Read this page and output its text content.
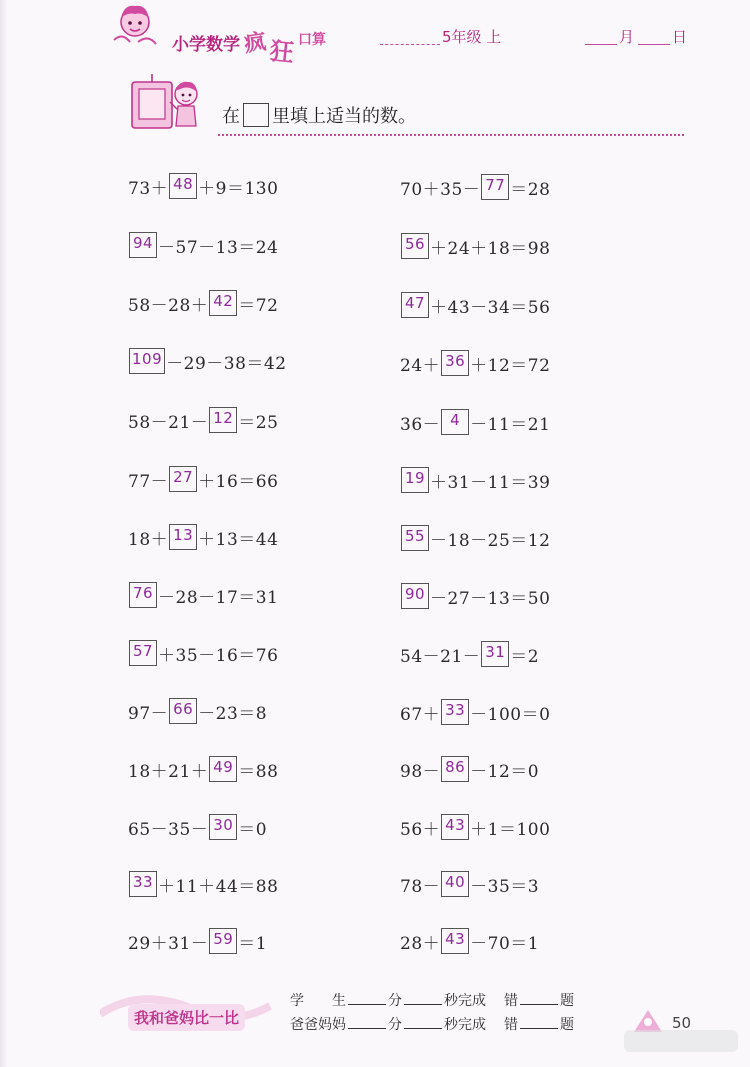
小学数学 疯 狂 口算	5年级 上	月	日
在 里填上适当的数。
73＋ 48 ＋9＝130
94 －57－13＝24
58－28＋ 42 ＝72
109 －29－38＝42
58－21－ 12 ＝25
77－ 27 ＋16＝66
18＋ 13 ＋13＝44
76 －28－17＝31
57 ＋35－16＝76
97－ 66 －23＝8
18＋21＋ 49 ＝88
65－35－ 30 ＝0
33 ＋11＋44＝88
29＋31－ 59 ＝1
70＋35－ 77 ＝28
56 ＋24＋18＝98
47 ＋43－34＝56
24＋ 36 ＋12＝72
36－ 4 －11＝21
19 ＋31－11＝39
55 －18－25＝12
90 －27－13＝50
54－21－ 31 ＝2
67＋ 33 －100＝0
98－ 86 －12＝0
56＋ 43 ＋1＝100
78－ 40 －35＝3
28＋ 43 －70＝1
我和爸妈比一比
学　　生	分	秒完成 错	题
爸爸妈妈	分	秒完成 错	题	50
